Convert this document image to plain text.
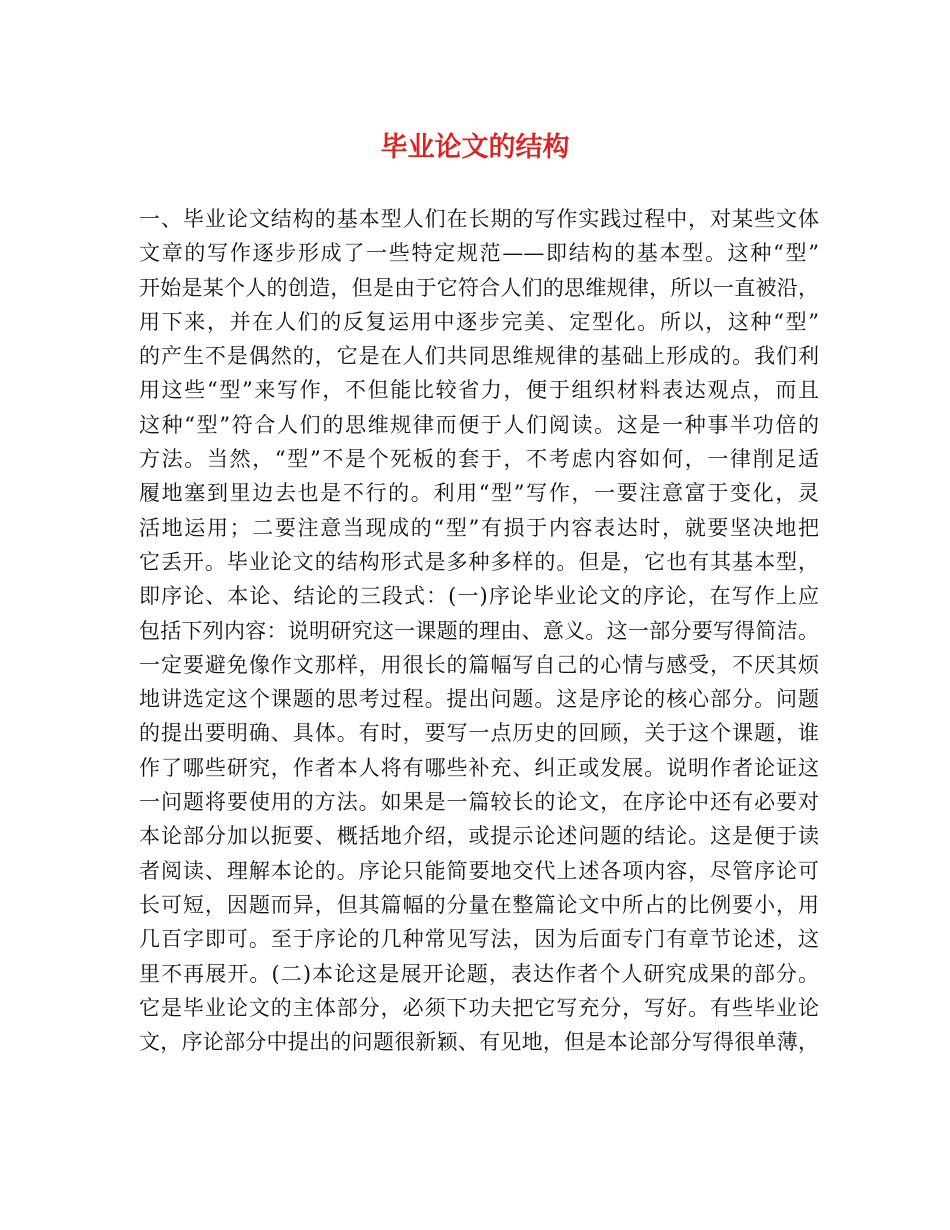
毕业论文的结构
一、毕业论文结构的基本型人们在长期的写作实践过程中，对某些文体
文章的写作逐步形成了一些特定规范——即结构的基本型。这种“型”
开始是某个人的创造，但是由于它符合人们的思维规律，所以一直被沿，
用下来，并在人们的反复运用中逐步完美、定型化。所以，这种“型”
的产生不是偶然的，它是在人们共同思维规律的基础上形成的。我们利
用这些“型”来写作，不但能比较省力，便于组织材料表达观点，而且
这种“型”符合人们的思维规律而便于人们阅读。这是一种事半功倍的
方法。当然，“型”不是个死板的套于，不考虑内容如何，一律削足适
履地塞到里边去也是不行的。利用“型”写作，一要注意富于变化，灵
活地运用；二要注意当现成的“型”有损于内容表达时，就要坚决地把
它丢开。毕业论文的结构形式是多种多样的。但是，它也有其基本型，
即序论、本论、结论的三段式：(一)序论毕业论文的序论，在写作上应
包括下列内容：说明研究这一课题的理由、意义。这一部分要写得简洁。
一定要避免像作文那样，用很长的篇幅写自己的心情与感受，不厌其烦
地讲选定这个课题的思考过程。提出问题。这是序论的核心部分。问题
的提出要明确、具体。有时，要写一点历史的回顾，关于这个课题，谁
作了哪些研究，作者本人将有哪些补充、纠正或发展。说明作者论证这
一问题将要使用的方法。如果是一篇较长的论文，在序论中还有必要对
本论部分加以扼要、概括地介绍，或提示论述问题的结论。这是便于读
者阅读、理解本论的。序论只能简要地交代上述各项内容，尽管序论可
长可短，因题而异，但其篇幅的分量在整篇论文中所占的比例要小，用
几百字即可。至于序论的几种常见写法，因为后面专门有章节论述，这
里不再展开。(二)本论这是展开论题，表达作者个人研究成果的部分。
它是毕业论文的主体部分，必须下功夫把它写充分，写好。有些毕业论
文，序论部分中提出的问题很新颖、有见地，但是本论部分写得很单薄，
